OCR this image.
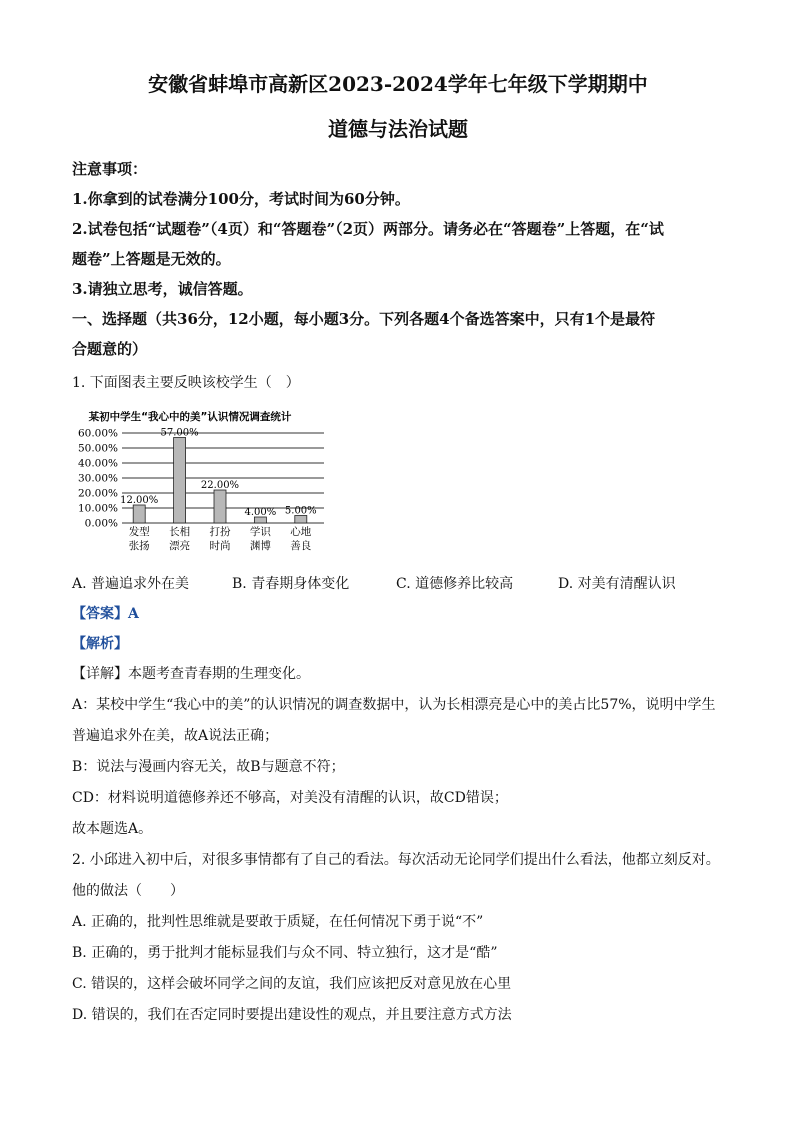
安徽省蚌埠市高新区2023-2024学年七年级下学期期中

道德与法治试题

注意事项：

1.你拿到的试卷满分100分，考试时间为60分钟。

2.试卷包括“试题卷”（4页）和“答题卷”（2页）两部分。请务必在“答题卷”上答题，在“试

题卷”上答题是无效的。

3.请独立思考，诚信答题。

一、选择题（共36分，12小题，每小题3分。下列各题4个备选答案中，只有1个是最符

合题意的）

1. 下面图表主要反映该校学生（　）

某初中学生“我心中的美”认识情况调查统计
0.00%
10.00%
20.00%
30.00%
40.00%
50.00%
60.00%
12.00%
发型
张扬
57.00%
长相
漂亮
22.00%
打扮
时尚
4.00%
学识
渊博
5.00%
心地
善良
A. 普遍追求外在美	B. 青春期身体变化	C. 道德修养比较高	D. 对美有清醒认识

【答案】A

【解析】

【详解】本题考查青春期的生理变化。

A：某校中学生“我心中的美”的认识情况的调查数据中，认为长相漂亮是心中的美占比57%，说明中学生

普遍追求外在美，故A说法正确；

B：说法与漫画内容无关，故B与题意不符；

CD：材料说明道德修养还不够高，对美没有清醒的认识，故CD错误；

故本题选A。

2. 小邱进入初中后，对很多事情都有了自己的看法。每次活动无论同学们提出什么看法，他都立刻反对。

他的做法（　　）

A. 正确的，批判性思维就是要敢于质疑，在任何情况下勇于说“不”

B. 正确的，勇于批判才能标显我们与众不同、特立独行，这才是“酷”

C. 错误的，这样会破坏同学之间的友谊，我们应该把反对意见放在心里

D. 错误的，我们在否定同时要提出建设性的观点，并且要注意方式方法
